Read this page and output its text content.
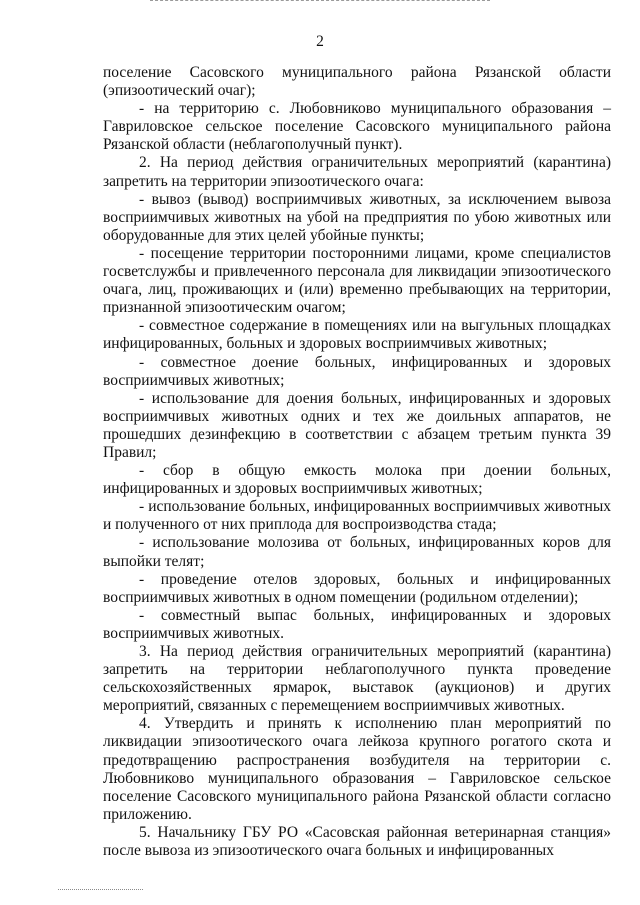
2

поселение Сасовского муниципального района Рязанской области (эпизоотический очаг);

- на территорию с. Любовниково муниципального образования – Гавриловское сельское поселение Сасовского муниципального района Рязанской области (неблагополучный пункт).

2. На период действия ограничительных мероприятий (карантина) запретить на территории эпизоотического очага:

- вывоз (вывод) восприимчивых животных, за исключением вывоза восприимчивых животных на убой на предприятия по убою животных или оборудованные для этих целей убойные пункты;

- посещение территории посторонними лицами, кроме специалистов госветслужбы и привлеченного персонала для ликвидации эпизоотического очага, лиц, проживающих и (или) временно пребывающих на территории, признанной эпизоотическим очагом;

- совместное содержание в помещениях или на выгульных площадках инфицированных, больных и здоровых восприимчивых животных;

- совместное доение больных, инфицированных и здоровых восприимчивых животных;

- использование для доения больных, инфицированных и здоровых восприимчивых животных одних и тех же доильных аппаратов, не прошедших дезинфекцию в соответствии с абзацем третьим пункта 39 Правил;

- сбор в общую емкость молока при доении больных, инфицированных и здоровых восприимчивых животных;

- использование больных, инфицированных восприимчивых животных и полученного от них приплода для воспроизводства стада;

- использование молозива от больных, инфицированных коров для выпойки телят;

- проведение отелов здоровых, больных и инфицированных восприимчивых животных в одном помещении (родильном отделении);

- совместный выпас больных, инфицированных и здоровых восприимчивых животных.

3. На период действия ограничительных мероприятий (карантина) запретить на территории неблагополучного пункта проведение сельскохозяйственных ярмарок, выставок (аукционов) и других мероприятий, связанных с перемещением восприимчивых животных.

4. Утвердить и принять к исполнению план мероприятий по ликвидации эпизоотического очага лейкоза крупного рогатого скота и предотвращению распространения возбудителя на территории с. Любовниково муниципального образования – Гавриловское сельское поселение Сасовского муниципального района Рязанской области согласно приложению.

5. Начальнику ГБУ РО «Сасовская районная ветеринарная станция» после вывоза из эпизоотического очага больных и инфицированных
